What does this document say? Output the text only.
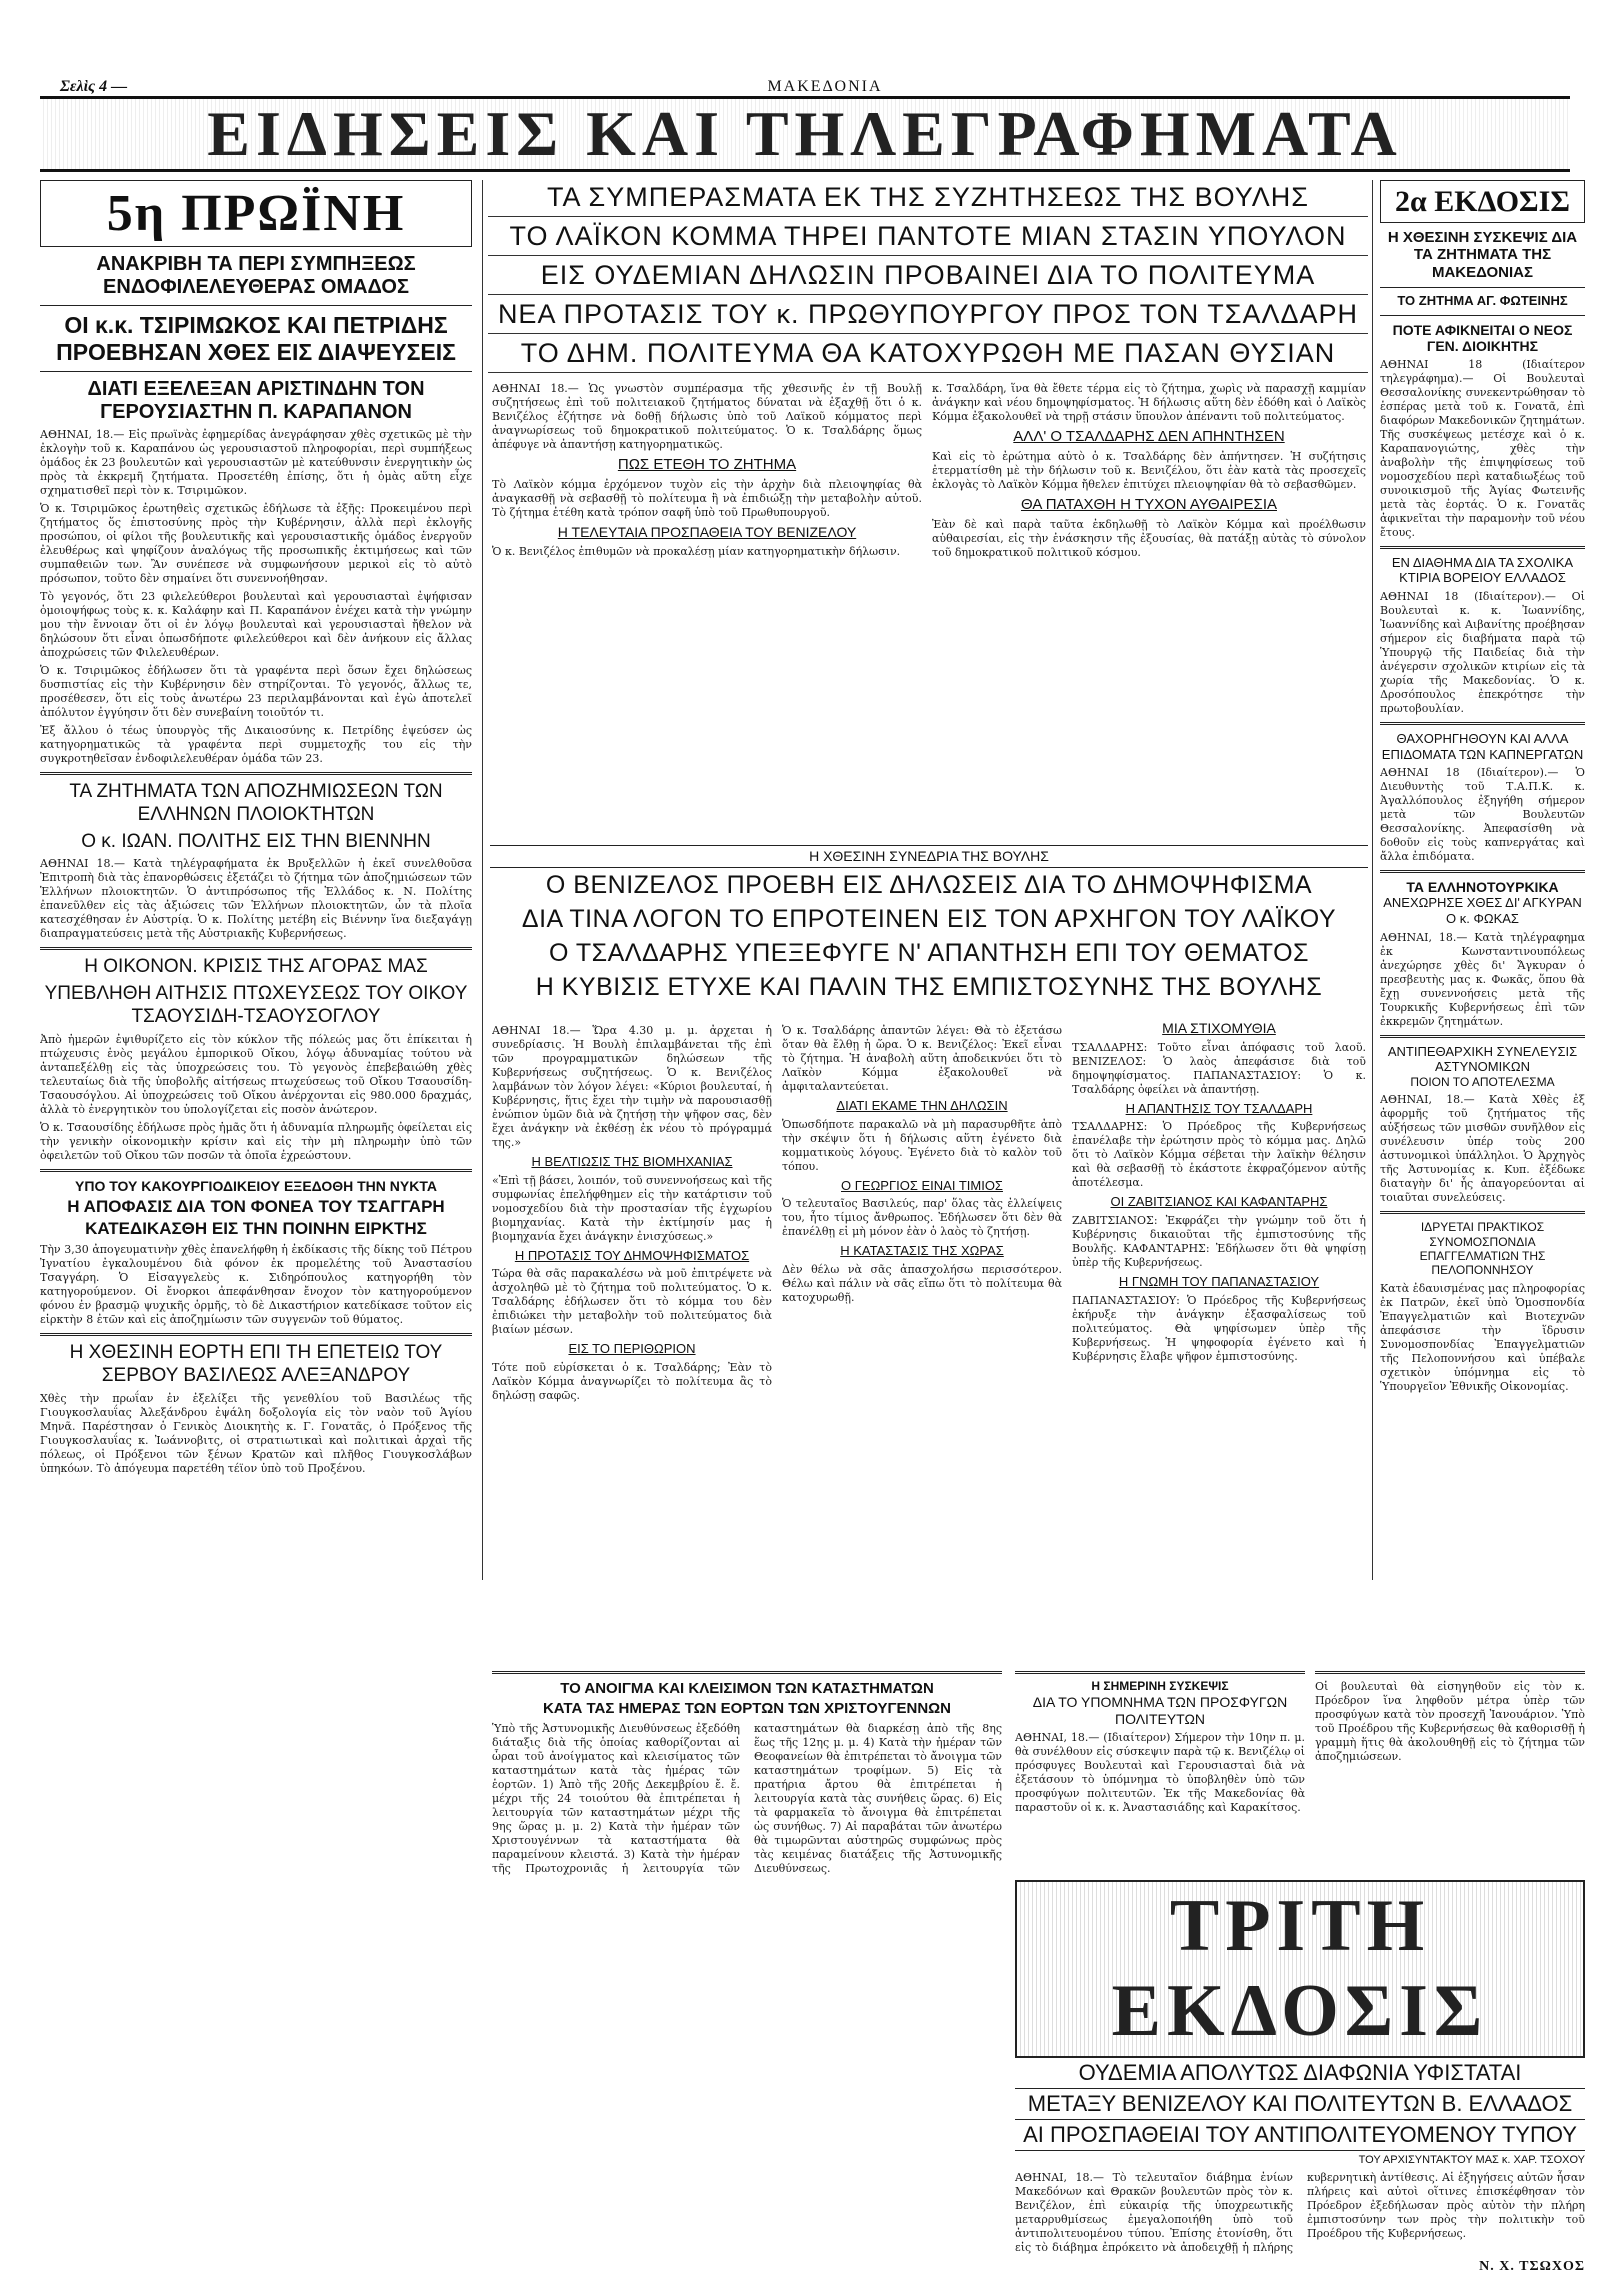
Σελὶς 4 —	ΜΑΚΕΔΟΝΙΑ
ΕΙΔΗΣΕΙΣ ΚΑΙ ΤΗΛΕΓΡΑΦΗΜΑΤΑ
5η ΠΡΩΪΝΗ
ΑΝΑΚΡΙΒΗ ΤΑ ΠΕΡΙ ΣΥΜΠΗΞΕΩΣ ΕΝΔΟΦΙΛΕΛΕΥΘΕΡΑΣ ΟΜΑΔΟΣ
ΟΙ κ.κ. ΤΣΙΡΙΜΩΚΟΣ ΚΑΙ ΠΕΤΡΙΔΗΣ ΠΡΟΕΒΗΣΑΝ ΧΘΕΣ ΕΙΣ ΔΙΑΨΕΥΣΕΙΣ
ΔΙΑΤΙ ΕΞΕΛΕΞΑΝ ΑΡΙΣΤΙΝΔΗΝ ΤΟΝ ΓΕΡΟΥΣΙΑΣΤΗΝ Π. ΚΑΡΑΠΑΝΟΝ

ΑΘΗΝΑΙ, 18.— Εἰς πρωϊνὰς ἐφημερίδας ἀνεγράφησαν χθὲς σχετικῶς μὲ τὴν ἐκλογὴν τοῦ κ. Καραπάνου ὡς γερουσιαστοῦ πληροφορίαι, περὶ συμπήξεως ὁμάδος ἐκ 23 βουλευτῶν καὶ γερουσιαστῶν μὲ κατεύθυνσιν ἐνεργητικὴν ὡς πρὸς τὰ ἐκκρεμῆ ζητήματα. Προσετέθη ἐπίσης, ὅτι ἡ ὁμὰς αὕτη εἶχε σχηματισθεῖ περὶ τὸν κ. Τσιριμῶκον.

Ὁ κ. Τσιριμῶκος ἐρωτηθεὶς σχετικῶς ἐδήλωσε τὰ ἑξῆς: Προκειμένου περὶ ζητήματος ὅς ἐπιστοσύνης πρὸς τὴν Κυβέρνησιν, ἀλλὰ περὶ ἐκλογῆς προσώπου, οἱ φίλοι τῆς βουλευτικῆς καὶ γερουσιαστικῆς ὁμάδος ἐνεργοῦν ἐλευθέρως καὶ ψηφίζουν ἀναλόγως τῆς προσωπικῆς ἐκτιμήσεως καὶ τῶν συμπαθειῶν των. Ἂν συνέπεσε νὰ συμφωνήσουν μερικοὶ εἰς τὸ αὐτὸ πρόσωπον, τοῦτο δὲν σημαίνει ὅτι συνεννοήθησαν.

Τὸ γεγονός, ὅτι 23 φιλελεύθεροι βουλευταὶ καὶ γερουσιασταὶ ἐψήφισαν ὁμοιοψήφως τοὺς κ. κ. Καλάφην καὶ Π. Καραπάνον ἐνέχει κατὰ τὴν γνώμην μου τὴν ἔννοιαν ὅτι οἱ ἐν λόγῳ βουλευταὶ καὶ γερουσιασταὶ ἤθελον νὰ δηλώσουν ὅτι εἶναι ὁπωσδήποτε φιλελεύθεροι καὶ δὲν ἀνήκουν εἰς ἄλλας ἀποχρώσεις τῶν Φιλελευθέρων.

Ὁ κ. Τσιριμῶκος ἐδήλωσεν ὅτι τὰ γραφέντα περὶ ὅσων ἔχει δηλώσεως δυσπιστίας εἰς τὴν Κυβέρνησιν δὲν στηρίζονται. Τὸ γεγονός, ἄλλως τε, προσέθεσεν, ὅτι εἰς τοὺς ἀνωτέρω 23 περιλαμβάνονται καὶ ἐγὼ ἀποτελεῖ ἀπόλυτον ἐγγύησιν ὅτι δὲν συνεβαίνη τοιοῦτόν τι.

Ἐξ ἄλλου ὁ τέως ὑπουργὸς τῆς Δικαιοσύνης κ. Πετρίδης ἐψεύσεν ὡς κατηγορηματικῶς τὰ γραφέντα περὶ συμμετοχῆς του εἰς τὴν συγκροτηθεῖσαν ἐνδοφιλελευθέραν ὁμάδα τῶν 23.

ΤΑ ΖΗΤΗΜΑΤΑ ΤΩΝ ΑΠΟΖΗΜΙΩΣΕΩΝ ΤΩΝ ΕΛΛΗΝΩΝ ΠΛΟΙΟΚΤΗΤΩΝ
Ο κ. ΙΩΑΝ. ΠΟΛΙΤΗΣ ΕΙΣ ΤΗΝ ΒΙΕΝΝΗΝ

ΑΘΗΝΑΙ 18.— Κατὰ τηλέγραφήματα ἐκ Βρυξελλῶν ἡ ἐκεῖ συνελθοῦσα Ἐπιτροπὴ διὰ τὰς ἐπανορθώσεις ἐξετάζει τὸ ζήτημα τῶν ἀποζημιώσεων τῶν Ἑλλήνων πλοιοκτητῶν. Ὁ ἀντιπρόσωπος τῆς Ἑλλάδος κ. Ν. Πολίτης ἐπανεῦλθεν εἰς τὰς ἀξιώσεις τῶν Ἑλλήνων πλοιοκτητῶν, ὧν τὰ πλοῖα κατεσχέθησαν ἐν Αὐστρίᾳ. Ὁ κ. Πολίτης μετέβη εἰς Βιέννην ἵνα διεξαγάγῃ διαπραγματεύσεις μετὰ τῆς Αὐστριακῆς Κυβερνήσεως.

Η ΟΙΚΟΝΟΝ. ΚΡΙΣΙΣ ΤΗΣ ΑΓΟΡΑΣ ΜΑΣ
ΥΠΕΒΛΗΘΗ ΑΙΤΗΣΙΣ ΠΤΩΧΕΥΣΕΩΣ ΤΟΥ ΟΙΚΟΥ ΤΣΑΟΥΣΙΔΗ-ΤΣΑΟΥΣΟΓΛΟΥ

Ἀπὸ ἡμερῶν ἐψιθυρίζετο εἰς τὸν κύκλον τῆς πόλεώς μας ὅτι ἐπίκειται ἡ πτώχευσις ἑνὸς μεγάλου ἐμπορικοῦ Οἴκου, λόγῳ ἀδυναμίας τούτου νὰ ἀνταπεξέλθῃ εἰς τὰς ὑποχρεώσεις του. Τὸ γεγονὸς ἐπεβεβαιώθη χθὲς τελευταίως διὰ τῆς ὑποβολῆς αἰτήσεως πτωχεύσεως τοῦ Οἴκου Τσαουσίδη-Τσαουσόγλου. Αἱ ὑποχρεώσεις τοῦ Οἴκου ἀνέρχονται εἰς 980.000 δραχμάς, ἀλλὰ τὸ ἐνεργητικὸν του ὑπολογίζεται εἰς ποσὸν ἀνώτερον.

Ὁ κ. Τσαουσίδης ἐδήλωσε πρὸς ἡμᾶς ὅτι ἡ ἀδυναμία πληρωμῆς ὀφείλεται εἰς τὴν γενικὴν οἰκονομικὴν κρίσιν καὶ εἰς τὴν μὴ πληρωμὴν ὑπὸ τῶν ὀφειλετῶν τοῦ Οἴκου τῶν ποσῶν τὰ ὁποῖα ἐχρεώστουν.

ΥΠΟ ΤΟΥ ΚΑΚΟΥΡΓΙΟΔΙΚΕΙΟΥ ΕΞΕΔΟΘΗ ΤΗΝ ΝΥΚΤΑ
Η ΑΠΟΦΑΣΙΣ ΔΙΑ ΤΟΝ ΦΟΝΕΑ ΤΟΥ ΤΣΑΓΓΑΡΗ
ΚΑΤΕΔΙΚΑΣΘΗ ΕΙΣ ΤΗΝ ΠΟΙΝΗΝ ΕΙΡΚΤΗΣ

Τὴν 3,30 ἀπογευματινὴν χθὲς ἐπανελήφθη ἡ ἐκδίκασις τῆς δίκης τοῦ Πέτρου Ἰγνατίου ἐγκαλουμένου διὰ φόνον ἐκ προμελέτης τοῦ Ἀναστασίου Τσαγγάρη. Ὁ Εἰσαγγελεὺς κ. Σιδηρόπουλος κατηγορήθη τὸν κατηγορούμενον. Οἱ ἔνορκοι ἀπεφάνθησαν ἔνοχον τὸν κατηγορούμενον φόνου ἐν βρασμῷ ψυχικῆς ὁρμῆς, τὸ δὲ Δικαστήριον κατεδίκασε τοῦτον εἰς εἱρκτὴν 8 ἐτῶν καὶ εἰς ἀποζημίωσιν τῶν συγγενῶν τοῦ θύματος.

Η ΧΘΕΣΙΝΗ ΕΟΡΤΗ ΕΠΙ ΤΗ ΕΠΕΤΕΙΩ ΤΟΥ ΣΕΡΒΟΥ ΒΑΣΙΛΕΩΣ ΑΛΕΞΑΝΔΡΟΥ

Χθὲς τὴν πρωΐαν ἐν ἐξελίξει τῆς γενεθλίου τοῦ Βασιλέως τῆς Γιουγκοσλαυΐας Ἀλεξάνδρου ἐψάλη δοξολογία εἰς τὸν ναὸν τοῦ Ἁγίου Μηνᾶ. Παρέστησαν ὁ Γενικὸς Διοικητὴς κ. Γ. Γονατᾶς, ὁ Πρόξενος τῆς Γιουγκοσλαυΐας κ. Ἰωάννοβιτς, οἱ στρατιωτικαὶ καὶ πολιτικαὶ ἀρχαὶ τῆς πόλεως, οἱ Πρόξενοι τῶν ξένων Κρατῶν καὶ πλῆθος Γιουγκοσλάβων ὑπηκόων. Τὸ ἀπόγευμα παρετέθη τέϊον ὑπὸ τοῦ Προξένου.

ΤΑ ΣΥΜΠΕΡΑΣΜΑΤΑ ΕΚ ΤΗΣ ΣΥΖΗΤΗΣΕΩΣ ΤΗΣ ΒΟΥΛΗΣ
ΤΟ ΛΑΪΚΟΝ ΚΟΜΜΑ ΤΗΡΕΙ ΠΑΝΤΟΤΕ ΜΙΑΝ ΣΤΑΣΙΝ ΥΠΟΥΛΟΝ
ΕΙΣ ΟΥΔΕΜΙΑΝ ΔΗΛΩΣΙΝ ΠΡΟΒΑΙΝΕΙ ΔΙΑ ΤΟ ΠΟΛΙΤΕΥΜΑ
ΝΕΑ ΠΡΟΤΑΣΙΣ ΤΟΥ κ. ΠΡΩΘΥΠΟΥΡΓΟΥ ΠΡΟΣ ΤΟΝ ΤΣΑΛΔΑΡΗ
ΤΟ ΔΗΜ. ΠΟΛΙΤΕΥΜΑ ΘΑ ΚΑΤΟΧΥΡΩΘΗ ΜΕ ΠΑΣΑΝ ΘΥΣΙΑΝ

ΑΘΗΝΑΙ 18.— Ὡς γνωστὸν συμπέρασμα τῆς χθεσινῆς ἐν τῇ Βουλῇ συζητήσεως ἐπὶ τοῦ πολιτειακοῦ ζητήματος δύναται νὰ ἐξαχθῇ ὅτι ὁ κ. Βενιζέλος ἐζήτησε νὰ δοθῇ δήλωσις ὑπὸ τοῦ Λαϊκοῦ κόμματος περὶ ἀναγνωρίσεως τοῦ δημοκρατικοῦ πολιτεύματος. Ὁ κ. Τσαλδάρης ὅμως ἀπέφυγε νὰ ἀπαντήσῃ κατηγορηματικῶς.

ΠΩΣ ΕΤΕΘΗ ΤΟ ΖΗΤΗΜΑ

Τὸ Λαϊκὸν κόμμα ἐρχόμενον τυχὸν εἰς τὴν ἀρχὴν διὰ πλειοψηφίας θὰ ἀναγκασθῇ νὰ σεβασθῇ τὸ πολίτευμα ἢ νὰ ἐπιδιώξῃ τὴν μεταβολὴν αὐτοῦ. Τὸ ζήτημα ἐτέθη κατὰ τρόπον σαφῆ ὑπὸ τοῦ Πρωθυπουργοῦ.

Η ΤΕΛΕΥΤΑΙΑ ΠΡΟΣΠΑΘΕΙΑ ΤΟΥ ΒΕΝΙΖΕΛΟΥ

Ὁ κ. Βενιζέλος ἐπιθυμῶν νὰ προκαλέσῃ μίαν κατηγορηματικὴν δήλωσιν.

κ. Τσαλδάρη, ἵνα θὰ ἔθετε τέρμα εἰς τὸ ζήτημα, χωρὶς νὰ παρασχῇ καμμίαν ἀνάγκην καὶ νέου δημοψηφίσματος. Ἡ δήλωσις αὕτη δὲν ἐδόθη καὶ ὁ Λαϊκὸς Κόμμα ἐξακολουθεῖ νὰ τηρῇ στάσιν ὕπουλον ἀπέναντι τοῦ πολιτεύματος.

ΑΛΛ' Ο ΤΣΑΛΔΑΡΗΣ ΔΕΝ ΑΠΗΝΤΗΣΕΝ

Καὶ εἰς τὸ ἐρώτημα αὐτὸ ὁ κ. Τσαλδάρης δὲν ἀπήντησεν. Ἡ συζήτησις ἐτερματίσθη μὲ τὴν δήλωσιν τοῦ κ. Βενιζέλου, ὅτι ἐὰν κατὰ τὰς προσεχεῖς ἐκλογὰς τὸ Λαϊκὸν Κόμμα ἤθελεν ἐπιτύχει πλειοψηφίαν θὰ τὸ σεβασθῶμεν.

ΘΑ ΠΑΤΑΧΘΗ Η ΤΥΧΟΝ ΑΥΘΑΙΡΕΣΙΑ

Ἐὰν δὲ καὶ παρὰ ταῦτα ἐκδηλωθῇ τὸ Λαϊκὸν Κόμμα καὶ προέλθωσιν αὐθαιρεσίαι, εἰς τὴν ἐνάσκησιν τῆς ἐξουσίας, θὰ πατάξῃ αὐτὰς τὸ σύνολον τοῦ δημοκρατικοῦ πολιτικοῦ κόσμου.

Η ΧΘΕΣΙΝΗ ΣΥΝΕΔΡΙΑ ΤΗΣ ΒΟΥΛΗΣ
Ο ΒΕΝΙΖΕΛΟΣ ΠΡΟΕΒΗ ΕΙΣ ΔΗΛΩΣΕΙΣ ΔΙΑ ΤΟ ΔΗΜΟΨΗΦΙΣΜΑ
ΔΙΑ ΤΙΝΑ ΛΟΓΟΝ ΤΟ ΕΠΡΟΤΕΙΝΕΝ ΕΙΣ ΤΟΝ ΑΡΧΗΓΟΝ ΤΟΥ ΛΑΪΚΟΥ
Ο ΤΣΑΛΔΑΡΗΣ ΥΠΕΞΕΦΥΓΕ Ν' ΑΠΑΝΤΗΣΗ ΕΠΙ ΤΟΥ ΘΕΜΑΤΟΣ
Η ΚΥΒΙΣΙΣ ΕΤΥΧΕ ΚΑΙ ΠΑΛΙΝ ΤΗΣ ΕΜΠΙΣΤΟΣΥΝΗΣ ΤΗΣ ΒΟΥΛΗΣ

ΑΘΗΝΑΙ 18.— Ὥρα 4.30 μ. μ. ἀρχεται ἡ συνεδρίασις. Ἡ Βουλὴ ἐπιλαμβάνεται τῆς ἐπὶ τῶν προγραμματικῶν δηλώσεων τῆς Κυβερνήσεως συζητήσεως. Ὁ κ. Βενιζέλος λαμβάνων τὸν λόγον λέγει: «Κύριοι βουλευταί, ἡ Κυβέρνησις, ἥτις ἔχει τὴν τιμὴν νὰ παρουσιασθῇ ἐνώπιον ὑμῶν διὰ νὰ ζητήσῃ τὴν ψῆφον σας, δὲν ἔχει ἀνάγκην νὰ ἐκθέσῃ ἐκ νέου τὸ πρόγραμμά της.»

Η ΒΕΛΤΙΩΣΙΣ ΤΗΣ ΒΙΟΜΗΧΑΝΙΑΣ

«Ἐπὶ τῇ βάσει, λοιπόν, τοῦ συνεννοήσεως καὶ τῆς συμφωνίας ἐπελήφθημεν εἰς τὴν κατάρτισιν τοῦ νομοσχεδίου διὰ τὴν προστασίαν τῆς ἐγχωρίου βιομηχανίας. Κατὰ τὴν ἐκτίμησίν μας ἡ βιομηχανία ἔχει ἀνάγκην ἐνισχύσεως.»

Η ΠΡΟΤΑΣΙΣ ΤΟΥ ΔΗΜΟΨΗΦΙΣΜΑΤΟΣ

Τώρα θὰ σᾶς παρακαλέσω νὰ μοῦ ἐπιτρέψετε νὰ ἀσχοληθῶ μὲ τὸ ζήτημα τοῦ πολιτεύματος. Ὁ κ. Τσαλδάρης ἐδήλωσεν ὅτι τὸ κόμμα του δὲν ἐπιδιώκει τὴν μεταβολὴν τοῦ πολιτεύματος διὰ βιαίων μέσων.

ΕΙΣ ΤΟ ΠΕΡΙΘΩΡΙΟΝ

Τότε ποῦ εὑρίσκεται ὁ κ. Τσαλδάρης; Ἐὰν τὸ Λαϊκὸν Κόμμα ἀναγνωρίζει τὸ πολίτευμα ἂς τὸ δηλώσῃ σαφῶς.

Ὁ κ. Τσαλδάρης ἀπαντῶν λέγει: Θὰ τὸ ἐξετάσω ὅταν θὰ ἔλθῃ ἡ ὥρα. Ὁ κ. Βενιζέλος: Ἐκεῖ εἶναι τὸ ζήτημα. Ἡ ἀναβολὴ αὕτη ἀποδεικνύει ὅτι τὸ Λαϊκὸν Κόμμα ἐξακολουθεῖ νὰ ἀμφιταλαντεύεται.

ΔΙΑΤΙ ΕΚΑΜΕ ΤΗΝ ΔΗΛΩΣΙΝ

Ὁπωσδήποτε παρακαλῶ νὰ μὴ παρασυρθῆτε ἀπὸ τὴν σκέψιν ὅτι ἡ δήλωσις αὕτη ἐγένετο διὰ κομματικοὺς λόγους. Ἐγένετο διὰ τὸ καλὸν τοῦ τόπου.

Ο ΓΕΩΡΓΙΟΣ ΕΙΝΑΙ ΤΙΜΙΟΣ

Ὁ τελευταῖος Βασιλεύς, παρ' ὅλας τὰς ἐλλείψεις του, ἦτο τίμιος ἄνθρωπος. Ἐδήλωσεν ὅτι δὲν θὰ ἐπανέλθῃ εἰ μὴ μόνον ἐὰν ὁ λαὸς τὸ ζητήσῃ.

Η ΚΑΤΑΣΤΑΣΙΣ ΤΗΣ ΧΩΡΑΣ

Δὲν θέλω νὰ σᾶς ἀπασχολήσω περισσότερον. Θέλω καὶ πάλιν νὰ σᾶς εἴπω ὅτι τὸ πολίτευμα θὰ κατοχυρωθῇ.

ΜΙΑ ΣΤΙΧΟΜΥΘΙΑ

ΤΣΑΛΔΑΡΗΣ: Τοῦτο εἶναι ἀπόφασις τοῦ λαοῦ. ΒΕΝΙΖΕΛΟΣ: Ὁ λαὸς ἀπεφάσισε διὰ τοῦ δημοψηφίσματος. ΠΑΠΑΝΑΣΤΑΣΙΟΥ: Ὁ κ. Τσαλδάρης ὀφείλει νὰ ἀπαντήσῃ.

Η ΑΠΑΝΤΗΣΙΣ ΤΟΥ ΤΣΑΛΔΑΡΗ

ΤΣΑΛΔΑΡΗΣ: Ὁ Πρόεδρος τῆς Κυβερνήσεως ἐπανέλαβε τὴν ἐρώτησιν πρὸς τὸ κόμμα μας. Δηλῶ ὅτι τὸ Λαϊκὸν Κόμμα σέβεται τὴν λαϊκὴν θέλησιν καὶ θὰ σεβασθῇ τὸ ἑκάστοτε ἐκφραζόμενον αὐτῆς ἀποτέλεσμα.

ΟΙ ΖΑΒΙΤΣΙΑΝΟΣ ΚΑΙ ΚΑΦΑΝΤΑΡΗΣ

ΖΑΒΙΤΣΙΑΝΟΣ: Ἐκφράζει τὴν γνώμην τοῦ ὅτι ἡ Κυβέρνησις δικαιοῦται τῆς ἐμπιστοσύνης τῆς Βουλῆς. ΚΑΦΑΝΤΑΡΗΣ: Ἐδήλωσεν ὅτι θὰ ψηφίσῃ ὑπὲρ τῆς Κυβερνήσεως.

Η ΓΝΩΜΗ ΤΟΥ ΠΑΠΑΝΑΣΤΑΣΙΟΥ

ΠΑΠΑΝΑΣΤΑΣΙΟΥ: Ὁ Πρόεδρος τῆς Κυβερνήσεως ἐκήρυξε τὴν ἀνάγκην ἐξασφαλίσεως τοῦ πολιτεύματος. Θὰ ψηφίσωμεν ὑπὲρ τῆς Κυβερνήσεως. Ἡ ψηφοφορία ἐγένετο καὶ ἡ Κυβέρνησις ἔλαβε ψῆφον ἐμπιστοσύνης.

2α ΕΚΔΟΣΙΣ
Η ΧΘΕΣΙΝΗ ΣΥΣΚΕΨΙΣ ΔΙΑ ΤΑ ΖΗΤΗΜΑΤΑ ΤΗΣ ΜΑΚΕΔΟΝΙΑΣ
ΤΟ ΖΗΤΗΜΑ ΑΓ. ΦΩΤΕΙΝΗΣ
ΠΟΤΕ ΑΦΙΚΝΕΙΤΑΙ Ο ΝΕΟΣ ΓΕΝ. ΔΙΟΙΚΗΤΗΣ

ΑΘΗΝΑΙ 18 (Ιδιαίτερον τηλεγράφημα).— Οἱ Βουλευταὶ Θεσσαλονίκης συνεκεντρώθησαν τὸ ἑσπέρας μετὰ τοῦ κ. Γονατᾶ, ἐπὶ διαφόρων Μακεδονικῶν ζητημάτων. Τῆς συσκέψεως μετέσχε καὶ ὁ κ. Καραπανογιώτης, χθὲς τὴν ἀναβολὴν τῆς ἐπιψηφίσεως τοῦ νομοσχεδίου περὶ καταδιωξέως τοῦ συνοικισμοῦ τῆς Ἁγίας Φωτεινῆς μετὰ τὰς ἑορτάς. Ὁ κ. Γονατᾶς ἀφικνεῖται τὴν παραμονὴν τοῦ νέου ἔτους.

ΕΝ ΔΙΑΘΗΜΑ ΔΙΑ ΤΑ ΣΧΟΛΙΚΑ ΚΤΙΡΙΑ ΒΟΡΕΙΟΥ ΕΛΛΑΔΟΣ

ΑΘΗΝΑΙ 18 (Ιδιαίτερον).— Οἱ Βουλευταὶ κ. κ. Ἰωαννίδης, Ἰωαννίδης καὶ Αιβανίτης προέβησαν σήμερον εἰς διαβήματα παρὰ τῷ Ὑπουργῷ τῆς Παιδείας διὰ τὴν ἀνέγερσιν σχολικῶν κτιρίων εἰς τὰ χωρία τῆς Μακεδονίας. Ὁ κ. Δροσόπουλος ἐπεκρότησε τὴν πρωτοβουλίαν.

ΘΑΧΟΡΗΓΗΘΟΥΝ ΚΑΙ ΑΛΛΑ ΕΠΙΔΟΜΑΤΑ ΤΩΝ ΚΑΠΝΕΡΓΑΤΩΝ

ΑΘΗΝΑΙ 18 (Ιδιαίτερον).— Ὁ Διευθυντὴς τοῦ Τ.Α.Π.Κ. κ. Ἀγαλλόπουλος ἐξηγήθη σήμερον μετὰ τῶν Βουλευτῶν Θεσσαλονίκης. Ἀπεφασίσθη νὰ δοθοῦν εἰς τοὺς καπνεργάτας καὶ ἄλλα ἐπιδόματα.

ΤΑ ΕΛΛΗΝΟΤΟΥΡΚΙΚΑ
ΑΝΕΧΩΡΗΣΕ ΧΘΕΣ ΔΙ' ΑΓΚΥΡΑΝ Ο κ. ΦΩΚΑΣ

ΑΘΗΝΑΙ, 18.— Κατὰ τηλέγραφημα ἐκ Κωνσταντινουπόλεως ἀνεχώρησε χθὲς δι' Ἄγκυραν ὁ πρεσβευτὴς μας κ. Φωκᾶς, ὅπου θὰ ἔχῃ συνεννοήσεις μετὰ τῆς Τουρκικῆς Κυβερνήσεως ἐπὶ τῶν ἐκκρεμῶν ζητημάτων.

ΑΝΤΙΠΕΘΑΡΧΙΚΗ ΣΥΝΕΛΕΥΣΙΣ ΑΣΤΥΝΟΜΙΚΩΝ
ΠΟΙΟΝ ΤΟ ΑΠΟΤΕΛΕΣΜΑ

ΑΘΗΝΑΙ, 18.— Κατὰ Χθὲς ἐξ ἀφορμῆς τοῦ ζητήματος τῆς αὐξήσεως τῶν μισθῶν συνῆλθον εἰς συνέλευσιν ὑπέρ τοὺς 200 ἀστυνομικοὶ ὑπάλληλοι. Ὁ Ἀρχηγὸς τῆς Ἀστυνομίας κ. Κυπ. ἐξέδωκε διαταγὴν δι' ἧς ἀπαγορεύονται αἱ τοιαῦται συνελεύσεις.

ΙΔΡΥΕΤΑΙ ΠΡΑΚΤΙΚΟΣ ΣΥΝΟΜΟΣΠΟΝΔΙΑ ΕΠΑΓΓΕΛΜΑΤΙΩΝ ΤΗΣ ΠΕΛΟΠΟΝΝΗΣΟΥ

Κατὰ ἐδαυισμένας μας πληροφορίας ἐκ Πατρῶν, ἐκεῖ ὑπὸ Ὁμοσπονδία Ἐπαγγελματιῶν καὶ Βιοτεχνῶν ἀπεφάσισε τὴν ἵδρυσιν Συνομοσπονδίας Ἐπαγγελματιῶν τῆς Πελοποννήσου καὶ ὑπέβαλε σχετικὸν ὑπόμνημα εἰς τὸ Ὑπουργεῖον Ἐθνικῆς Οἰκονομίας.

ΤΟ ΑΝΟΙΓΜΑ ΚΑΙ ΚΛΕΙΣΙΜΟΝ ΤΩΝ ΚΑΤΑΣΤΗΜΑΤΩΝ
ΚΑΤΑ ΤΑΣ ΗΜΕΡΑΣ ΤΩΝ ΕΟΡΤΩΝ ΤΩΝ ΧΡΙΣΤΟΥΓΕΝΝΩΝ

Ὑπὸ τῆς Ἀστυνομικῆς Διευθύνσεως ἐξεδόθη διάταξις διὰ τῆς ὁποίας καθορίζονται αἱ ὧραι τοῦ ἀνοίγματος καὶ κλεισίματος τῶν καταστημάτων κατὰ τὰς ἡμέρας τῶν ἑορτῶν. 1) Ἀπὸ τῆς 20ῆς Δεκεμβρίου ἔ. ἔ. μέχρι τῆς 24 τοιούτου θὰ ἐπιτρέπεται ἡ λειτουργία τῶν καταστημάτων μέχρι τῆς 9ης ὥρας μ. μ. 2) Κατὰ τὴν ἡμέραν τῶν Χριστουγέννων τὰ καταστήματα θὰ παραμείνουν κλειστά. 3) Κατὰ τὴν ἡμέραν τῆς Πρωτοχρονιᾶς ἡ λειτουργία τῶν καταστημάτων θὰ διαρκέσῃ ἀπὸ τῆς 8ης ἕως τῆς 12ης μ. μ. 4) Κατὰ τὴν ἡμέραν τῶν Θεοφανείων θὰ ἐπιτρέπεται τὸ ἄνοιγμα τῶν καταστημάτων τροφίμων. 5) Εἰς τὰ πρατήρια ἄρτου θὰ ἐπιτρέπεται ἡ λειτουργία κατὰ τὰς συνήθεις ὥρας. 6) Εἰς τὰ φαρμακεῖα τὸ ἄνοιγμα θὰ ἐπιτρέπεται ὡς συνήθως. 7) Αἱ παραβάται τῶν ἀνωτέρω θὰ τιμωρῶνται αὐστηρῶς συμφώνως πρὸς τὰς κειμένας διατάξεις τῆς Ἀστυνομικῆς Διευθύνσεως.

Η ΣΗΜΕΡΙΝΗ ΣΥΣΚΕΨΙΣ
ΔΙΑ ΤΟ ΥΠΟΜΝΗΜΑ ΤΩΝ ΠΡΟΣΦΥΓΩΝ ΠΟΛΙΤΕΥΤΩΝ

ΑΘΗΝΑΙ, 18.— (Ιδιαίτερον) Σήμερον τὴν 10ην π. μ. θὰ συνέλθουν εἰς σύσκεψιν παρὰ τῷ κ. Βενιζέλῳ οἱ πρόσφυγες Βουλευταὶ καὶ Γερουσιασταὶ διὰ νὰ ἐξετάσουν τὸ ὑπόμνημα τὸ ὑποβληθὲν ὑπὸ τῶν προσφύγων πολιτευτῶν. Ἐκ τῆς Μακεδονίας θὰ παραστοῦν οἱ κ. κ. Ἀναστασιάδης καὶ Καρακίτσος.

Οἱ βουλευταὶ θὰ εἰσηγηθοῦν εἰς τὸν κ. Πρόεδρον ἵνα ληφθοῦν μέτρα ὑπὲρ τῶν προσφύγων κατὰ τὸν προσεχῆ Ἰανουάριον. Ὑπὸ τοῦ Προέδρου τῆς Κυβερνήσεως θὰ καθορισθῇ ἡ γραμμὴ ἥτις θὰ ἀκολουθηθῇ εἰς τὸ ζήτημα τῶν ἀποζημιώσεων.

ΤΡΙΤΗ ΕΚΔΟΣΙΣ
ΟΥΔΕΜΙΑ ΑΠΟΛΥΤΩΣ ΔΙΑΦΩΝΙΑ ΥΦΙΣΤΑΤΑΙ
ΜΕΤΑΞΥ ΒΕΝΙΖΕΛΟΥ ΚΑΙ ΠΟΛΙΤΕΥΤΩΝ Β. ΕΛΛΑΔΟΣ
ΑΙ ΠΡΟΣΠΑΘΕΙΑΙ ΤΟΥ ΑΝΤΙΠΟΛΙΤΕΥΟΜΕΝΟΥ ΤΥΠΟΥ
ΤΟΥ ΑΡΧΙΣΥΝΤΑΚΤΟΥ ΜΑΣ κ. ΧΑΡ. ΤΣΟΧΟΥ

ΑΘΗΝΑΙ, 18.— Τὸ τελευταῖον διάβημα ἐνίων Μακεδόνων καὶ Θρακῶν βουλευτῶν πρὸς τὸν κ. Βενιζέλον, ἐπὶ εὐκαιρίᾳ τῆς ὑποχρεωτικῆς μεταρρυθμίσεως ἐμεγαλοποιήθη ὑπὸ τοῦ ἀντιπολιτευομένου τύπου. Ἐπίσης ἐτονίσθη, ὅτι εἰς τὸ διάβημα ἐπρόκειτο νὰ ἀποδειχθῇ ἡ πλήρης κυβερνητικὴ ἀντίθεσις. Αἱ ἐξηγήσεις αὐτῶν ἦσαν πλήρεις καὶ αὐτοὶ οἵτινες ἐπισκέφθησαν τὸν Πρόεδρον ἐξεδήλωσαν πρὸς αὐτὸν τὴν πλήρη ἐμπιστοσύνην των πρὸς τὴν πολιτικὴν τοῦ Προέδρου τῆς Κυβερνήσεως.

Ν. Χ. ΤΣΩΧΟΣ
